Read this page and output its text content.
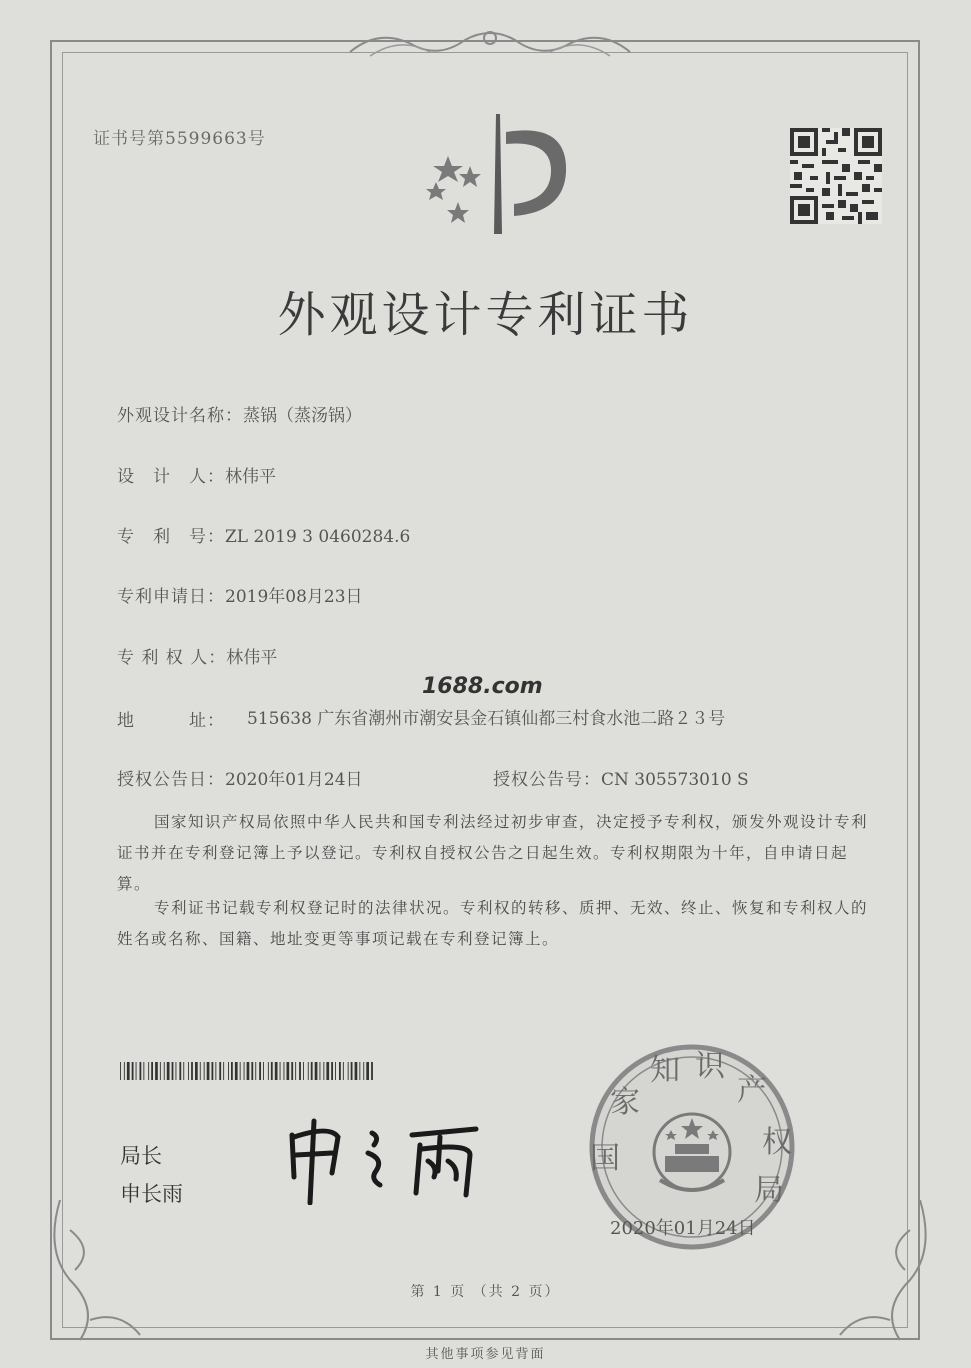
证书号第5599663号
外观设计专利证书
外观设计名称：蒸锅（蒸汤锅）
设　计　人：林伟平
专　利　号：ZL 2019 3 0460284.6
专利申请日：2019年08月23日
专 利 权 人：林伟平
1688.com
地　　　址： 515638 广东省潮州市潮安县金石镇仙都三村食水池二路２３号
授权公告日：2020年01月24日	授权公告号：CN 305573010 S

国家知识产权局依照中华人民共和国专利法经过初步审查，决定授予专利权，颁发外观设计专利证书并在专利登记簿上予以登记。专利权自授权公告之日起生效。专利权期限为十年，自申请日起算。

专利证书记载专利权登记时的法律状况。专利权的转移、质押、无效、终止、恢复和专利权人的姓名或名称、国籍、地址变更等事项记载在专利登记簿上。

局长
申长雨
国
家
知 识
产
权
局
2020年01月24日
第 1 页 （共 2 页）
其他事项参见背面
